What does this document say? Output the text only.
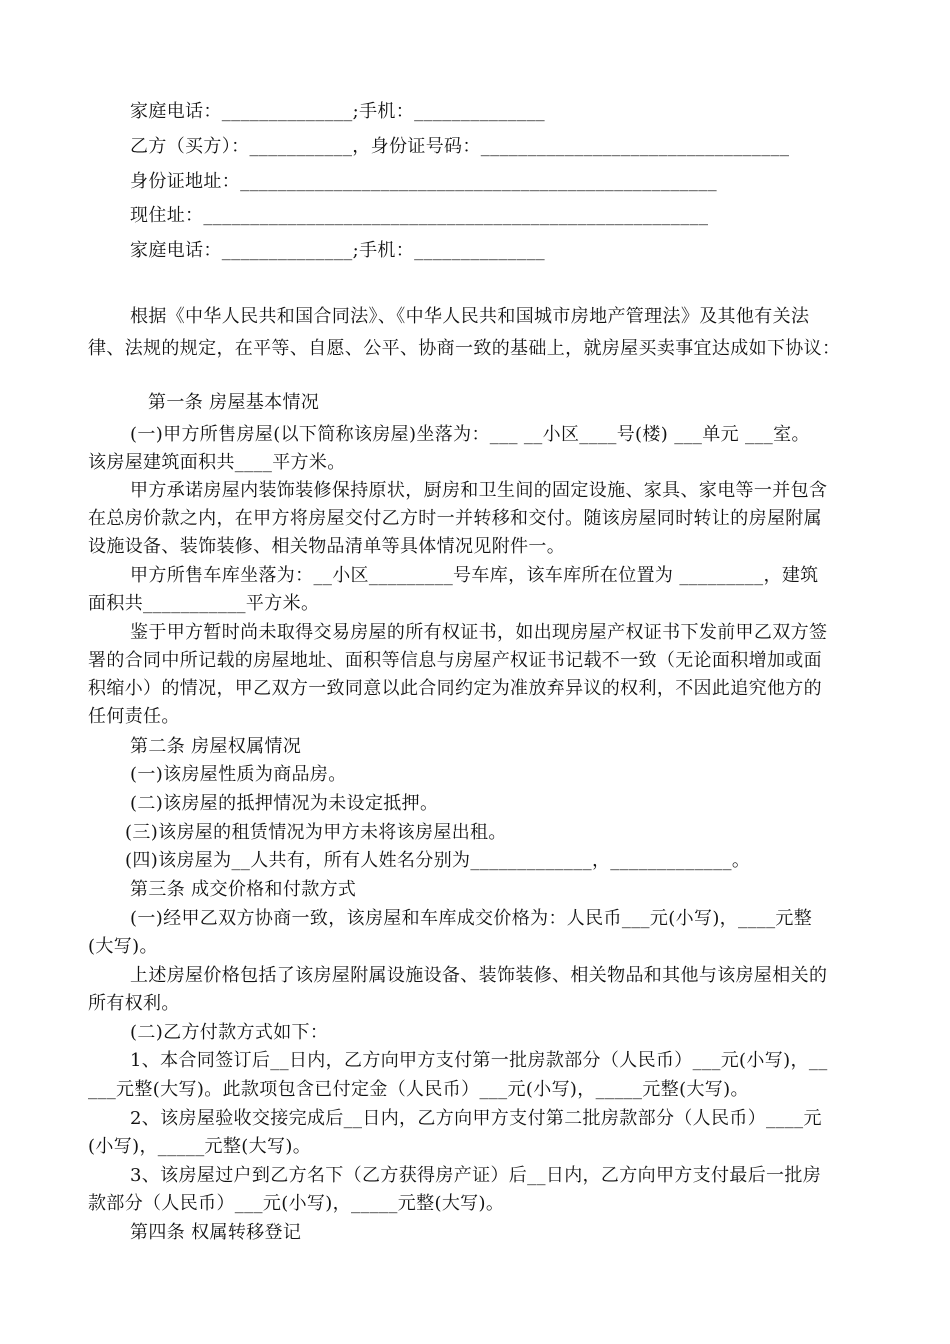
家庭电话：______________;手机：______________
乙方（买方）：___________，身份证号码：_________________________________
身份证地址：___________________________________________________
现住址：______________________________________________________
家庭电话：______________;手机：______________
根据《中华人民共和国合同法》、《中华人民共和国城市房地产管理法》及其他有关法
律、法规的规定，在平等、自愿、公平、协商一致的基础上，就房屋买卖事宜达成如下协议：
第一条 房屋基本情况
(一)甲方所售房屋(以下简称该房屋)坐落为：___ __小区____号(楼) ___单元 ___室。
该房屋建筑面积共____平方米。
甲方承诺房屋内装饰装修保持原状，厨房和卫生间的固定设施、家具、家电等一并包含
在总房价款之内，在甲方将房屋交付乙方时一并转移和交付。随该房屋同时转让的房屋附属
设施设备、装饰装修、相关物品清单等具体情况见附件一。
甲方所售车库坐落为：__小区_________号车库，该车库所在位置为 _________，建筑
面积共___________平方米。
鉴于甲方暂时尚未取得交易房屋的所有权证书，如出现房屋产权证书下发前甲乙双方签
署的合同中所记载的房屋地址、面积等信息与房屋产权证书记载不一致（无论面积增加或面
积缩小）的情况，甲乙双方一致同意以此合同约定为准放弃异议的权利，不因此追究他方的
任何责任。
第二条 房屋权属情况
(一)该房屋性质为商品房。
(二)该房屋的抵押情况为未设定抵押。
(三)该房屋的租赁情况为甲方未将该房屋出租。
(四)该房屋为__人共有，所有人姓名分别为_____________，_____________。
第三条 成交价格和付款方式
(一)经甲乙双方协商一致，该房屋和车库成交价格为：人民币___元(小写)，____元整
(大写)。
上述房屋价格包括了该房屋附属设施设备、装饰装修、相关物品和其他与该房屋相关的
所有权利。
(二)乙方付款方式如下：
1、本合同签订后__日内，乙方向甲方支付第一批房款部分（人民币）___元(小写)，__
___元整(大写)。此款项包含已付定金（人民币）___元(小写)，_____元整(大写)。
2、该房屋验收交接完成后__日内，乙方向甲方支付第二批房款部分（人民币）____元
(小写)，_____元整(大写)。
3、该房屋过户到乙方名下（乙方获得房产证）后__日内，乙方向甲方支付最后一批房
款部分（人民币）___元(小写)，_____元整(大写)。
第四条 权属转移登记
